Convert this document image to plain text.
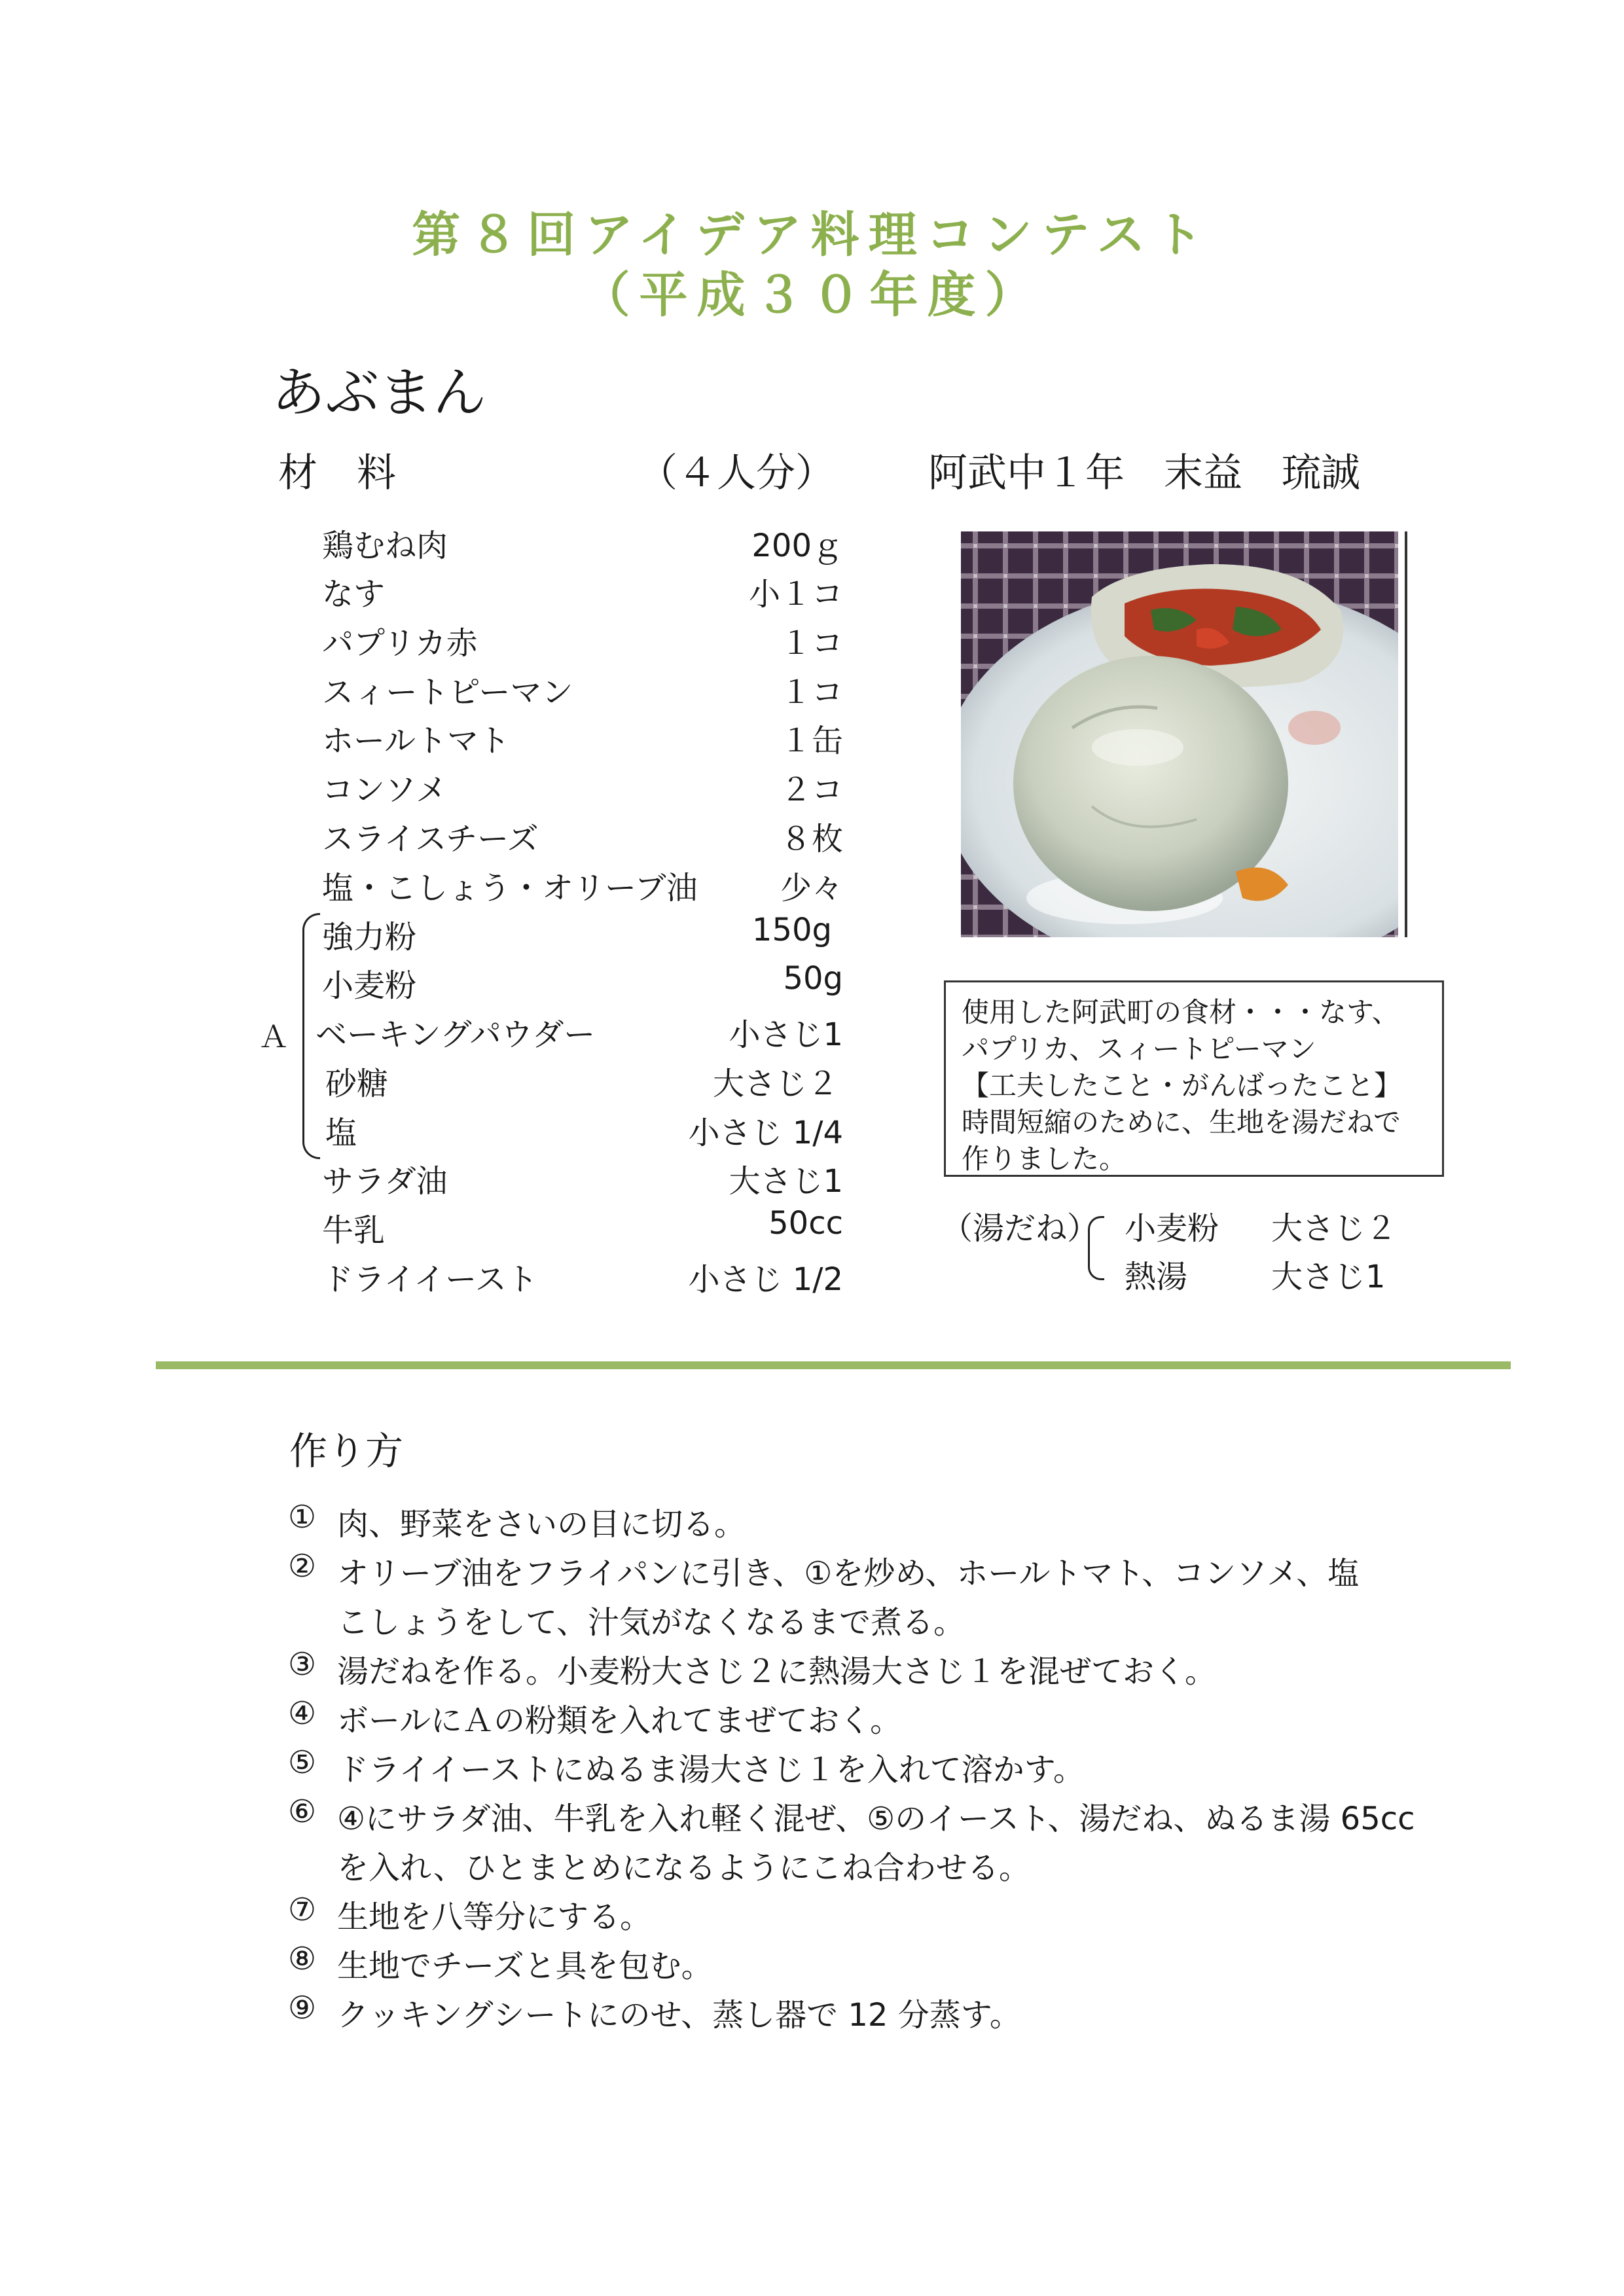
第８回アイデア料理コンテスト
（平成３０年度）
あぶまん
材　料	（４人分） 阿武中１年　末益　琉誠
鶏むね肉	200ｇ
なす	小１コ
パプリカ赤	１コ
スィートピーマン	１コ
ホールトマト	１缶
コンソメ	２コ
スライスチーズ	８枚
塩・こしょう・オリーブ油	少々
強力粉	150g
小麦粉	50g
ベーキングパウダー	小さじ1
砂糖	大さじ２
塩	小さじ 1/4
サラダ油	大さじ1
牛乳	50cc
ドライイースト	小さじ 1/2
Ａ
使用した阿武町の食材・・・なす、
パプリカ、スィートピーマン
【工夫したこと・がんばったこと】
時間短縮のために、生地を湯だねで
作りました。
（湯だね） 小麦粉 大さじ２
熱湯	大さじ1
作り方
① 肉、野菜をさいの目に切る。
② オリーブ油をフライパンに引き、①を炒め、ホールトマト、コンソメ、塩
こしょうをして、汁気がなくなるまで煮る。
③ 湯だねを作る。小麦粉大さじ２に熱湯大さじ１を混ぜておく。
④ ボールにＡの粉類を入れてまぜておく。
⑤ ドライイーストにぬるま湯大さじ１を入れて溶かす。
⑥ ④にサラダ油、牛乳を入れ軽く混ぜ、⑤のイースト、湯だね、ぬるま湯 65cc
を入れ、ひとまとめになるようにこね合わせる。
⑦ 生地を八等分にする。
⑧ 生地でチーズと具を包む。
⑨ クッキングシートにのせ、蒸し器で 12 分蒸す。
